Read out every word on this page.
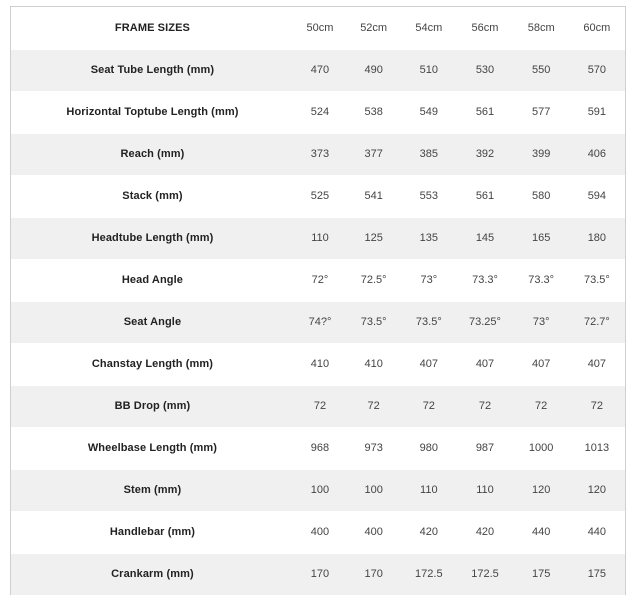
FRAME SIZES	50cm	52cm	54cm	56cm	58cm	60cm
Seat Tube Length (mm)	470	490	510	530	550	570
Horizontal Toptube Length (mm)	524	538	549	561	577	591
Reach (mm)	373	377	385	392	399	406
Stack (mm)	525	541	553	561	580	594
Headtube Length (mm)	110	125	135	145	165	180
Head Angle	72°	72.5°	73°	73.3°	73.3°	73.5°
Seat Angle	74?°	73.5°	73.5°	73.25°	73°	72.7°
Chanstay Length (mm)	410	410	407	407	407	407
BB Drop (mm)	72	72	72	72	72	72
Wheelbase Length (mm)	968	973	980	987	1000	1013
Stem (mm)	100	100	110	110	120	120
Handlebar (mm)	400	400	420	420	440	440
Crankarm (mm)	170	170	172.5	172.5	175	175
